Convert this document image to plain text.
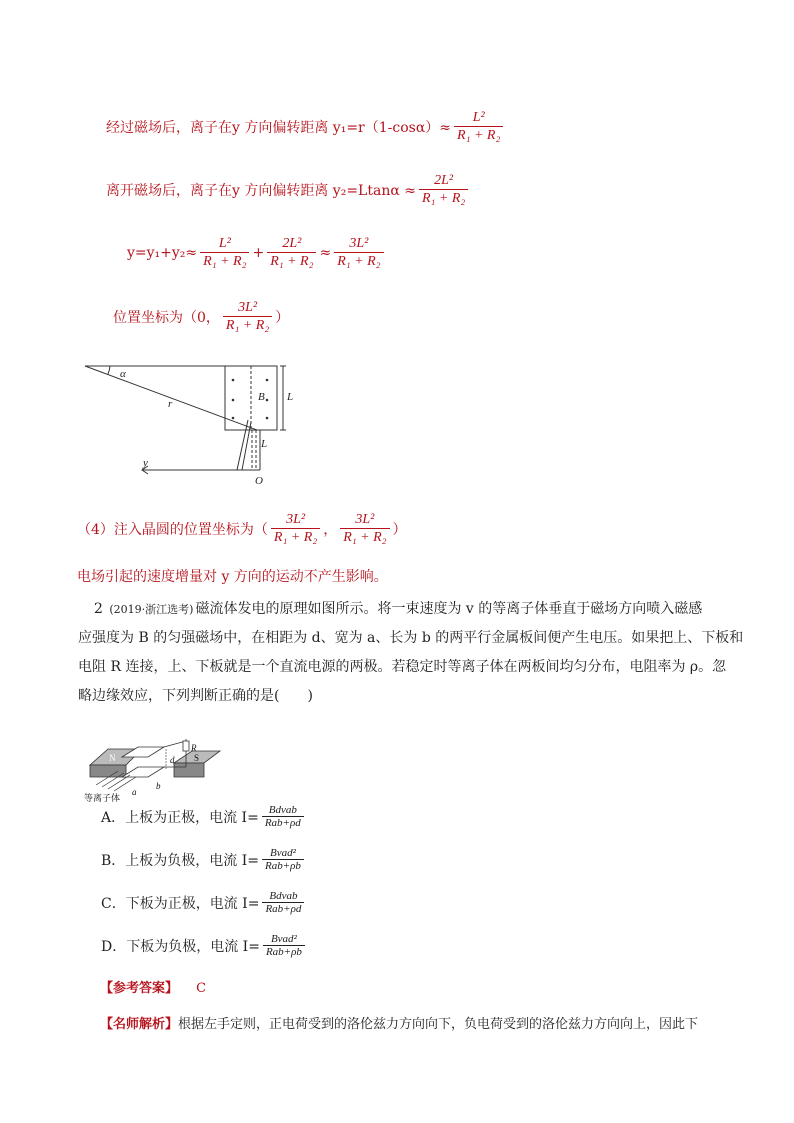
经过磁场后，离子在y 方向偏转距离 $y_1=r(1-\cos\alpha)\approx \frac{\text{L²}}{\text{R₁ + R₂}}$
离开磁场后，离子在y 方向偏转距离 $y_2=Ltan\alpha \approx \frac{\text{2L²}}{\text{R₁ + R₂}}$
$y=y_1+y_2\approx \frac{\text{L²}}{\text{R₁ + R₂}} + \frac{\text{2L²}}{\text{R₁ + R₂}} \approx \frac{\text{3L²}}{\text{R₁ + R₂}}$
位置坐标为（0， $\frac{\text{3L²}}{\text{R₁ + R₂}}$ ）
α
r
B L
L
y
O
（4）注入晶圆的位置坐标为（ $\frac{\text{3L²}}{\text{R₁ + R₂}}$ ， $\frac{\text{3L²}}{\text{R₁ + R₂}}$ ）
电场引起的速度增量对 y 方向的运动不产生影响。
2 (2019·浙江选考) 磁流体发电的原理如图所示。将一束速度为 v 的等离子体垂直于磁场方向喷入磁感
应强度为 B 的匀强磁场中，在相距为 d、宽为 a、长为 b 的两平行金属板间便产生电压。如果把上、下板和
电阻 R 连接，上、下板就是一个直流电源的两极。若稳定时等离子体在两板间均匀分布，电阻率为 ρ。忽
略边缘效应，下列判断正确的是(　　)
N	S
R
d
a
b
等离子体
A．上板为正极，电流 $I= \frac{\text{Bdvab}}{\text{Rab+ρd}}$
B．上板为负极，电流 $I= \frac{\text{Bvad²}}{\text{Rab+ρb}}$
C．下板为正极，电流 $I= \frac{\text{Bdvab}}{\text{Rab+ρd}}$
D．下板为负极，电流 $I= \frac{\text{Bvad²}}{\text{Rab+ρb}}$
【参考答案】 C
【名师解析】根据左手定则，正电荷受到的洛伦兹力方向向下，负电荷受到的洛伦兹力方向向上，因此下
